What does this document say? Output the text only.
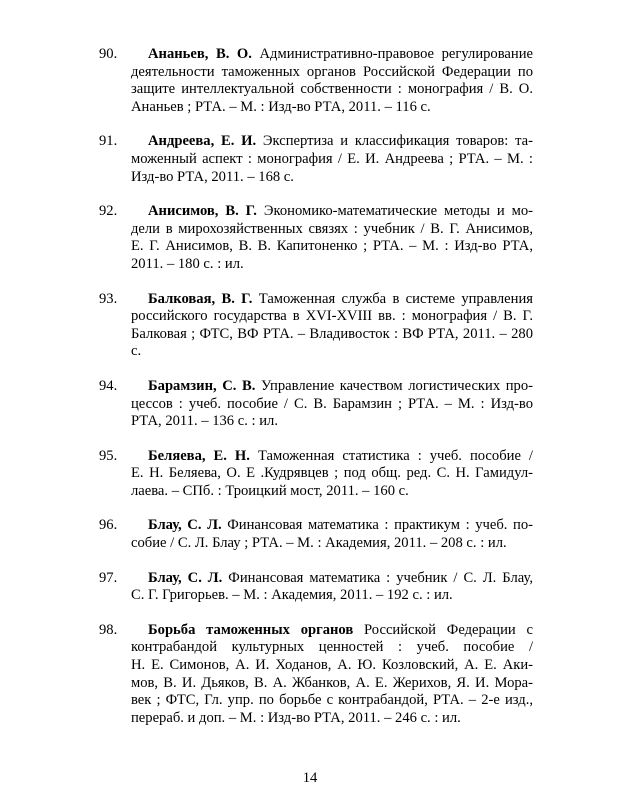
90.	Ананьев, В. О. Административно-правовое регулирование
деятельности таможенных органов Российской Федерации по
защите интеллектуальной собственности : монография / В. О.
Ананьев ; РТА. – М. : Изд-во РТА, 2011. – 116 с.
91.	Андреева, Е. И. Экспертиза и классификация товаров: та-
моженный аспект : монография / Е. И. Андреева ; РТА. – М. :
Изд-во РТА, 2011. – 168 с.
92.	Анисимов, В. Г. Экономико-математические методы и мо-
дели в мирохозяйственных связях : учебник / В. Г. Анисимов,
Е. Г. Анисимов, В. В. Капитоненко ; РТА. – М. : Изд-во РТА,
2011. – 180 с. : ил.
93.	Балковая, В. Г. Таможенная служба в системе управления
российского государства в XVI-XVIII вв. : монография / В. Г.
Балковая ; ФТС, ВФ РТА. – Владивосток : ВФ РТА, 2011. – 280
с.
94.	Барамзин, С. В. Управление качеством логистических про-
цессов : учеб. пособие / С. В. Барамзин ; РТА. – М. : Изд-во
РТА, 2011. – 136 с. : ил.
95.	Беляева, Е. Н. Таможенная статистика : учеб. пособие /
Е. Н. Беляева, О. Е .Кудрявцев ; под общ. ред. С. Н. Гамидул-
лаева. – СПб. : Троицкий мост, 2011. – 160 с.
96.	Блау, С. Л. Финансовая математика : практикум : учеб. по-
собие / С. Л. Блау ; РТА. – М. : Академия, 2011. – 208 с. : ил.
97.	Блау, С. Л. Финансовая математика : учебник / С. Л. Блау,
С. Г. Григорьев. – М. : Академия, 2011. – 192 с. : ил.
98.	Борьба таможенных органов Российской Федерации с
контрабандой культурных ценностей : учеб. пособие /
Н. Е. Симонов, А. И. Ходанов, А. Ю. Козловский, А. Е. Аки-
мов, В. И. Дьяков, В. А. Жбанков, А. Е. Жерихов, Я. И. Мора-
век ; ФТС, Гл. упр. по борьбе с контрабандой, РТА. – 2-е изд.,
перераб. и доп. – М. : Изд-во РТА, 2011. – 246 с. : ил.
14
